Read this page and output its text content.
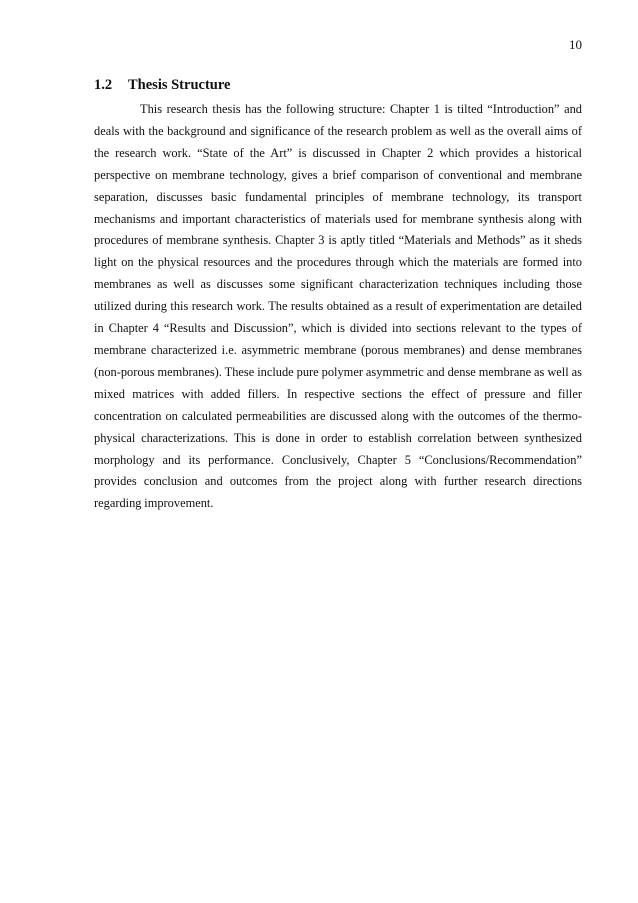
10
1.2 Thesis Structure

This research thesis has the following structure: Chapter 1 is tilted “Introduction” and deals with the background and significance of the research problem as well as the overall aims of the research work. “State of the Art” is discussed in Chapter 2 which provides a historical perspective on membrane technology, gives a brief comparison of conventional and membrane separation, discusses basic fundamental principles of membrane technology, its transport mechanisms and important characteristics of materials used for membrane synthesis along with procedures of membrane synthesis. Chapter 3 is aptly titled “Materials and Methods” as it sheds light on the physical resources and the procedures through which the materials are formed into membranes as well as discusses some significant characterization techniques including those utilized during this research work. The results obtained as a result of experimentation are detailed in Chapter 4 “Results and Discussion”, which is divided into sections relevant to the types of membrane characterized i.e. asymmetric membrane (porous membranes) and dense membranes (non-porous membranes). These include pure polymer asymmetric and dense membrane as well as mixed matrices with added fillers. In respective sections the effect of pressure and filler concentration on calculated permeabilities are discussed along with the outcomes of the thermo-physical characterizations. This is done in order to establish correlation between synthesized morphology and its performance. Conclusively, Chapter 5 “Conclusions/Recommendation” provides conclusion and outcomes from the project along with further research directions regarding improvement.
